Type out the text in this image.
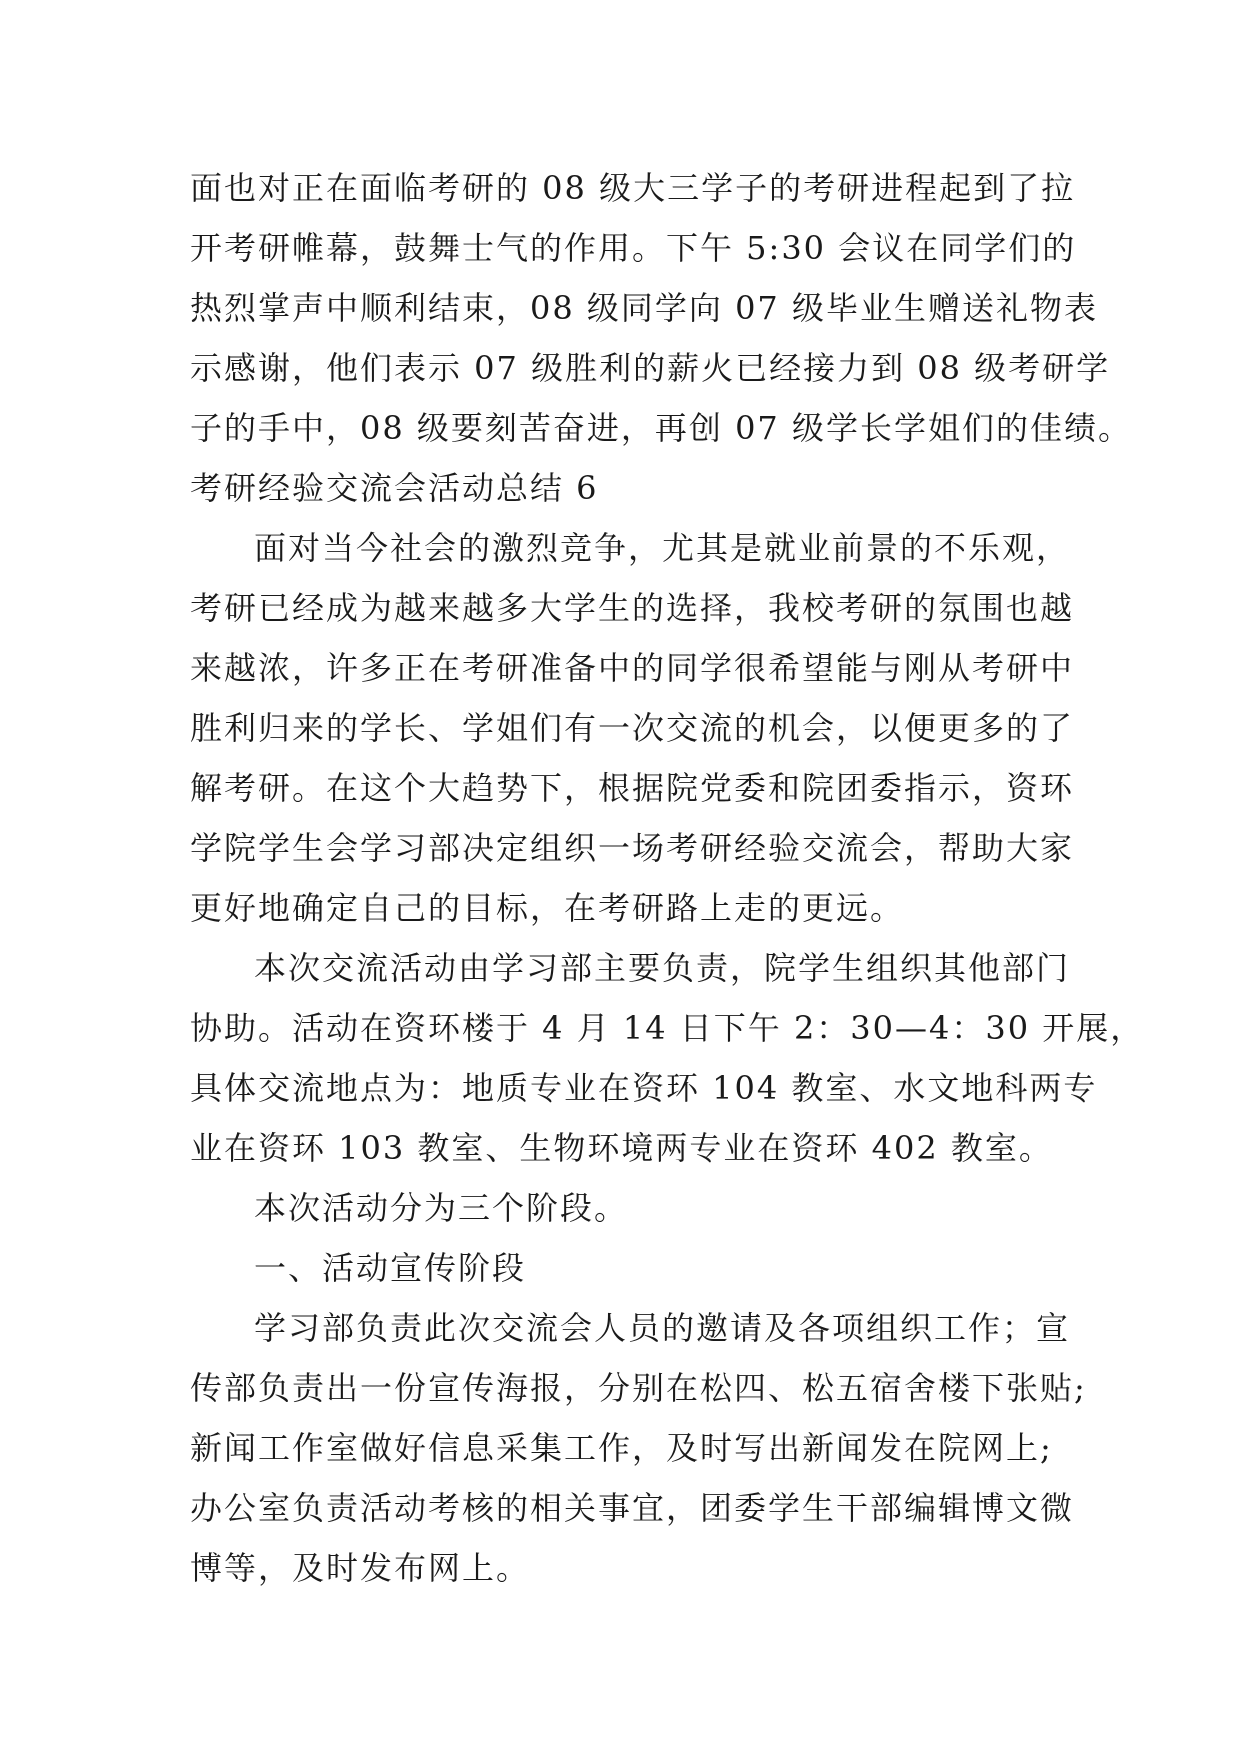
面也对正在面临考研的 08 级大三学子的考研进程起到了拉
开考研帷幕，鼓舞士气的作用。下午 5:30 会议在同学们的
热烈掌声中顺利结束，08 级同学向 07 级毕业生赠送礼物表
示感谢，他们表示 07 级胜利的薪火已经接力到 08 级考研学
子的手中，08 级要刻苦奋进，再创 07 级学长学姐们的佳绩。
考研经验交流会活动总结 6
面对当今社会的激烈竞争，尤其是就业前景的不乐观，
考研已经成为越来越多大学生的选择，我校考研的氛围也越
来越浓，许多正在考研准备中的同学很希望能与刚从考研中
胜利归来的学长、学姐们有一次交流的机会，以便更多的了
解考研。在这个大趋势下，根据院党委和院团委指示，资环
学院学生会学习部决定组织一场考研经验交流会，帮助大家
更好地确定自己的目标，在考研路上走的更远。
本次交流活动由学习部主要负责，院学生组织其他部门
协助。活动在资环楼于 4 月 14 日下午 2：30—4：30 开展，
具体交流地点为：地质专业在资环 104 教室、水文地科两专
业在资环 103 教室、生物环境两专业在资环 402 教室。
本次活动分为三个阶段。
一、活动宣传阶段
学习部负责此次交流会人员的邀请及各项组织工作；宣
传部负责出一份宣传海报，分别在松四、松五宿舍楼下张贴;
新闻工作室做好信息采集工作，及时写出新闻发在院网上;
办公室负责活动考核的相关事宜，团委学生干部编辑博文微
博等，及时发布网上。
